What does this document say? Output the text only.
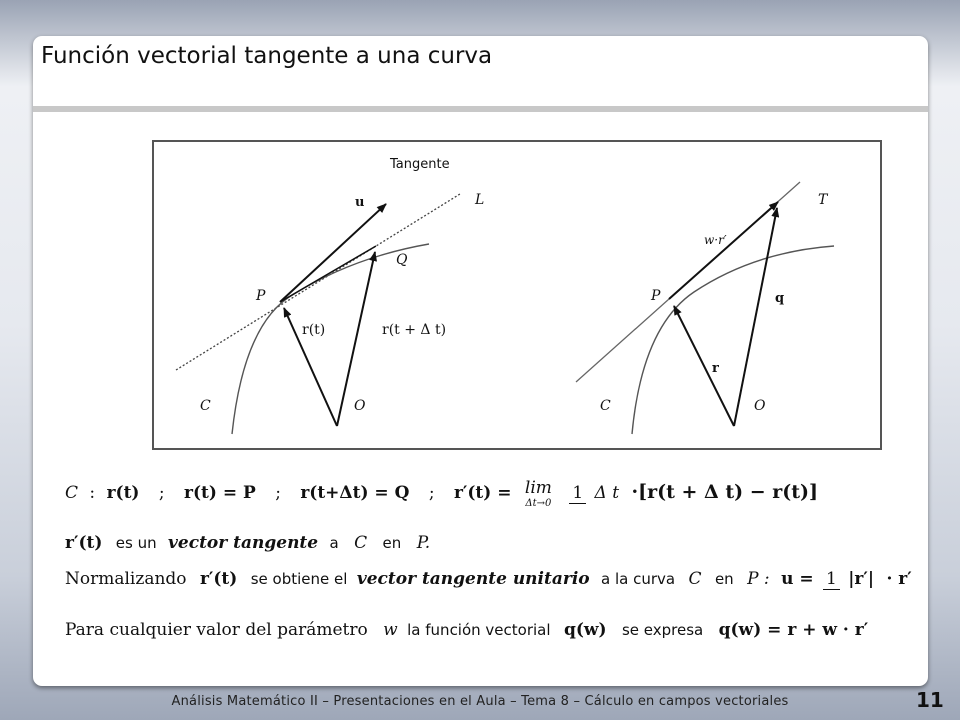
Función vectorial tangente a una curva
Tangente
u	L
Q
P
r(t)	r(t + Δ t)
C	O
T
w·r′
P	q
r
C	O
C : r(t) ; r(t) = P ; r(t+Δt) = Q ; r′(t) = lim
Δt→0
1 Δ t ·[r(t + Δ t) − r(t)]
r′(t) es un vector tangente a C en P.
Normalizando r′(t) se obtiene el vector tangente unitario a la curva C en P : u = 1 |r′| · r′
Para cualquier valor del parámetro w la función vectorial q(w) se expresa q(w) = r + w · r′
Análisis Matemático II – Presentaciones en el Aula – Tema 8 – Cálculo en campos vectoriales	11
